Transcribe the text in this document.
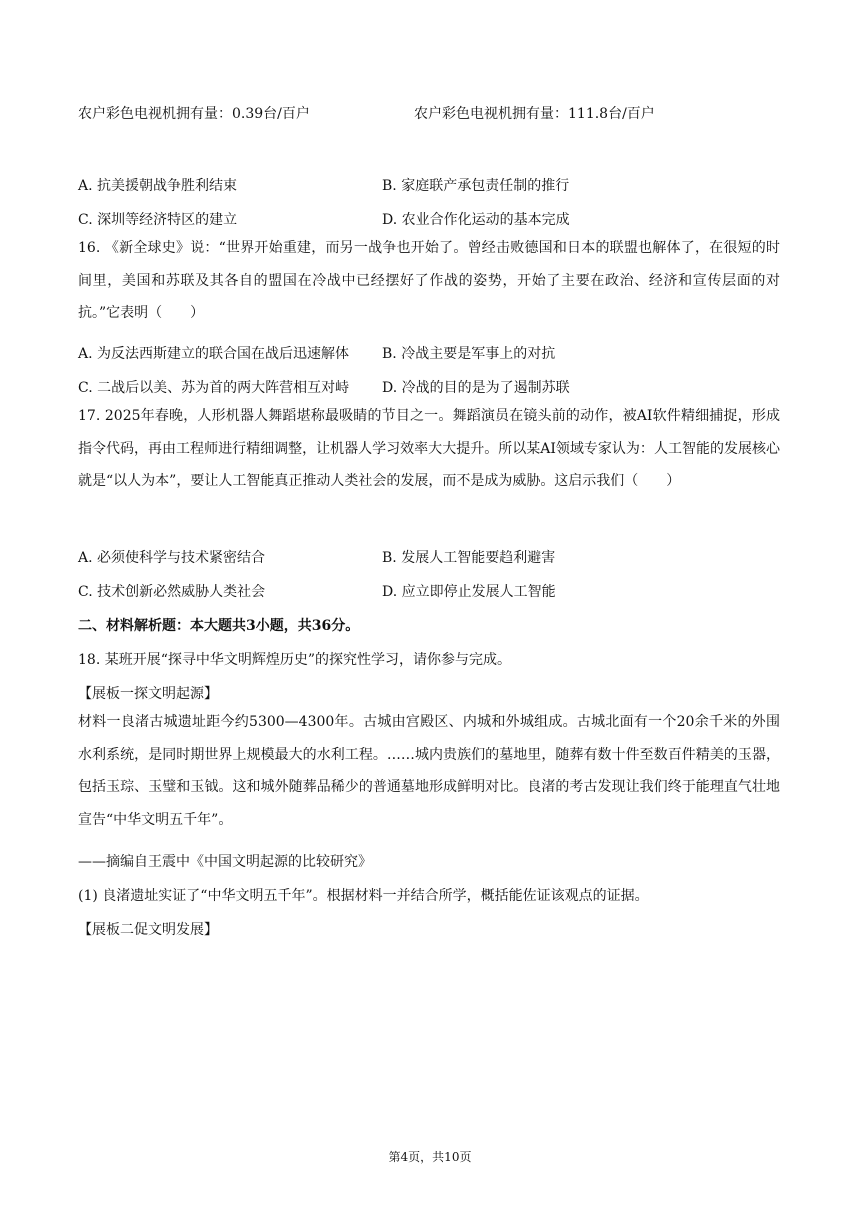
农户彩色电视机拥有量：0.39台/百户	农户彩色电视机拥有量：111.8台/百户
A. 抗美援朝战争胜利结束	B. 家庭联产承包责任制的推行
C. 深圳等经济特区的建立	D. 农业合作化运动的基本完成
16. 《新全球史》说：“世界开始重建，而另一战争也开始了。曾经击败德国和日本的联盟也解体了，在很短的时间里，美国和苏联及其各自的盟国在冷战中已经摆好了作战的姿势，开始了主要在政治、经济和宣传层面的对抗。”它表明（　　）
A. 为反法西斯建立的联合国在战后迅速解体 B. 冷战主要是军事上的对抗
C. 二战后以美、苏为首的两大阵营相互对峙 D. 冷战的目的是为了遏制苏联
17. 2025年春晚，人形机器人舞蹈堪称最吸睛的节目之一。舞蹈演员在镜头前的动作，被AI软件精细捕捉，形成指令代码，再由工程师进行精细调整，让机器人学习效率大大提升。所以某AI领域专家认为：人工智能的发展核心就是“以人为本”，要让人工智能真正推动人类社会的发展，而不是成为威胁。这启示我们（　　）
A. 必须使科学与技术紧密结合	B. 发展人工智能要趋利避害
C. 技术创新必然威胁人类社会	D. 应立即停止发展人工智能
二、材料解析题：本大题共3小题，共36分。
18. 某班开展“探寻中华文明辉煌历史”的探究性学习，请你参与完成。
【展板一探文明起源】
材料一良渚古城遗址距今约5300—4300年。古城由宫殿区、内城和外城组成。古城北面有一个20余千米的外围水利系统，是同时期世界上规模最大的水利工程。……城内贵族们的墓地里，随葬有数十件至数百件精美的玉器，包括玉琮、玉璧和玉钺。这和城外随葬品稀少的普通墓地形成鲜明对比。良渚的考古发现让我们终于能理直气壮地宣告“中华文明五千年”。
——摘编自王震中《中国文明起源的比较研究》
(1) 良渚遗址实证了“中华文明五千年”。根据材料一并结合所学，概括能佐证该观点的证据。
【展板二促文明发展】
第4页，共10页
